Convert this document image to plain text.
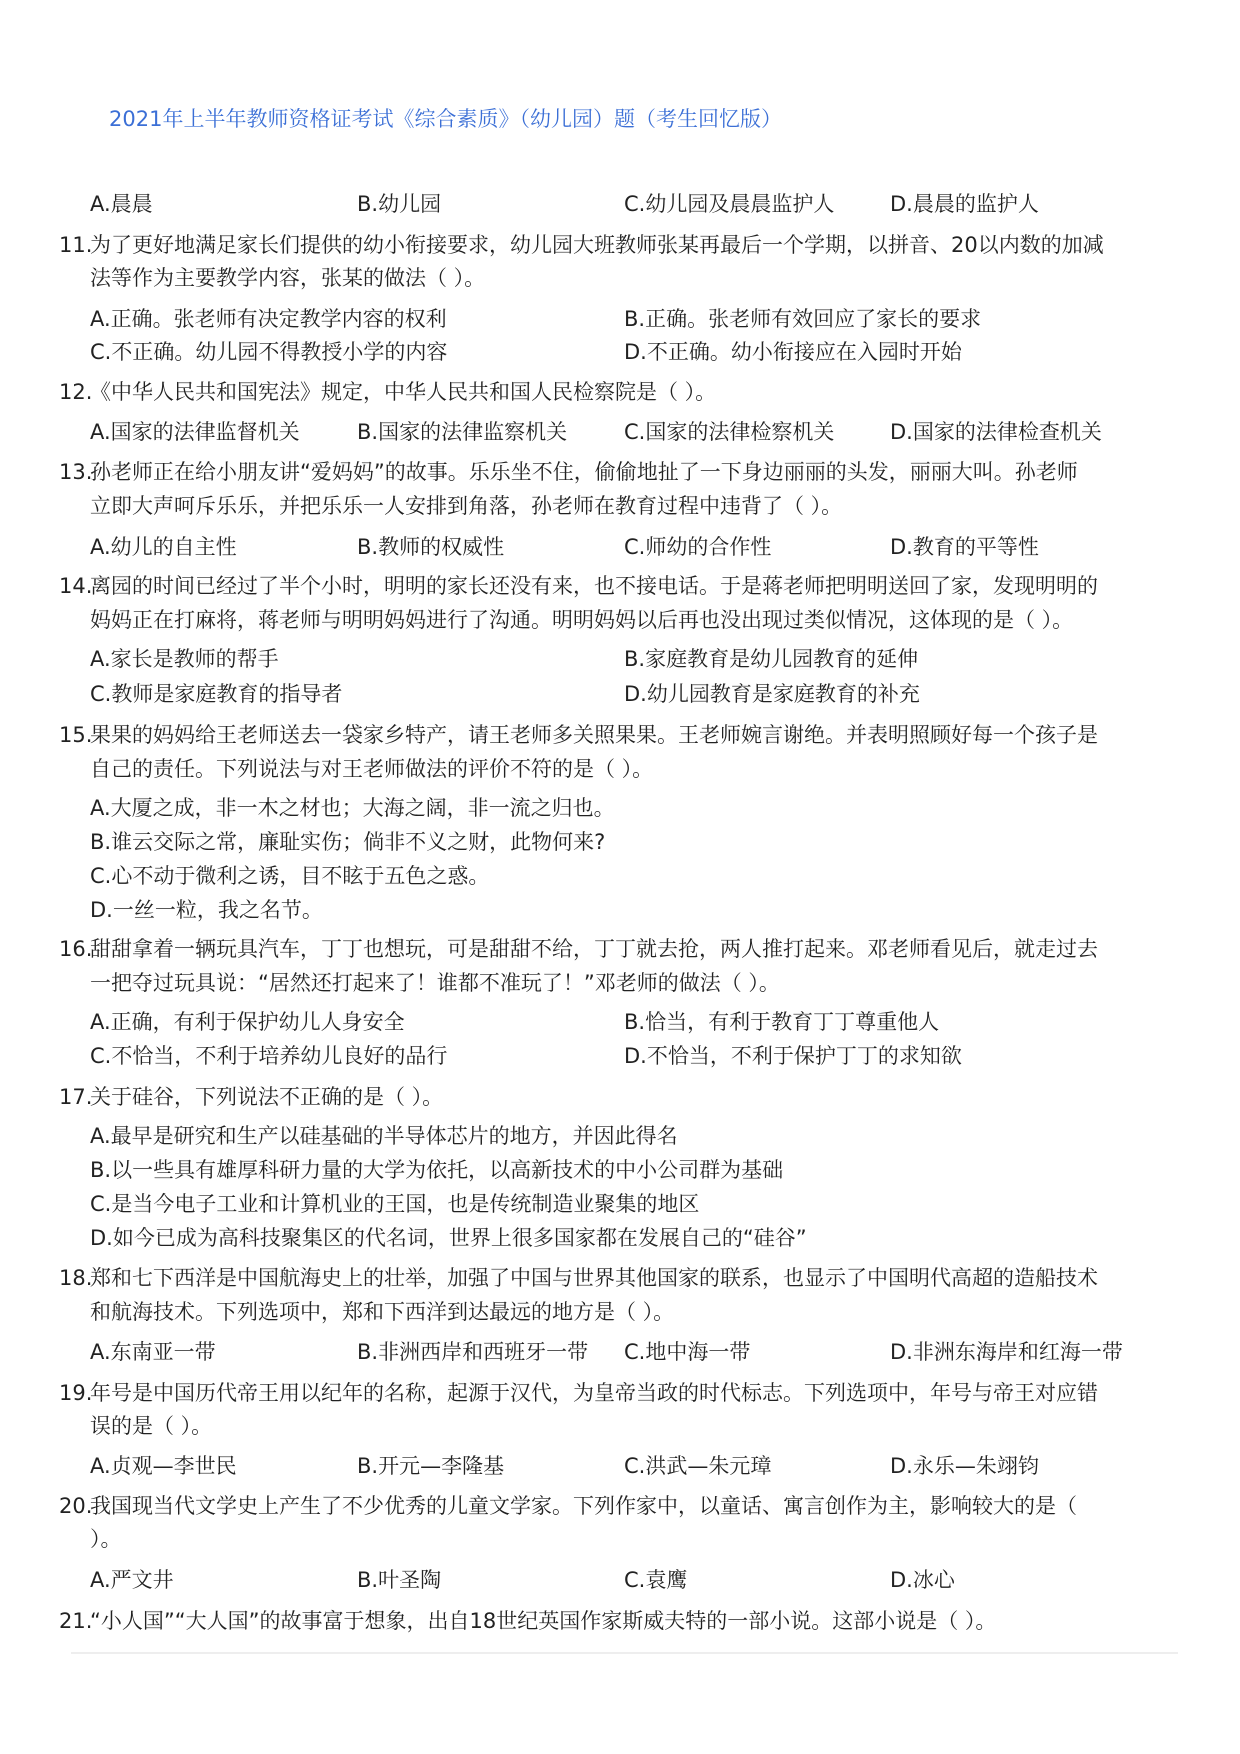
2021年上半年教师资格证考试《综合素质》（幼儿园）题（考生回忆版）
A.晨晨	B.幼儿园	C.幼儿园及晨晨监护人	D.晨晨的监护人
11.
为了更好地满足家长们提供的幼小衔接要求，幼儿园大班教师张某再最后一个学期，以拼音、20以内数的加减
法等作为主要教学内容，张某的做法（ ）。
A.正确。张老师有决定教学内容的权利	B.正确。张老师有效回应了家长的要求
C.不正确。幼儿园不得教授小学的内容	D.不正确。幼小衔接应在入园时开始
12.
《中华人民共和国宪法》规定，中华人民共和国人民检察院是（ ）。
A.国家的法律监督机关	B.国家的法律监察机关	C.国家的法律检察机关	D.国家的法律检查机关
13.
孙老师正在给小朋友讲“爱妈妈”的故事。乐乐坐不住，偷偷地扯了一下身边丽丽的头发，丽丽大叫。孙老师
立即大声呵斥乐乐，并把乐乐一人安排到角落，孙老师在教育过程中违背了（ ）。
A.幼儿的自主性	B.教师的权威性	C.师幼的合作性	D.教育的平等性
14.
离园的时间已经过了半个小时，明明的家长还没有来，也不接电话。于是蒋老师把明明送回了家，发现明明的
妈妈正在打麻将，蒋老师与明明妈妈进行了沟通。明明妈妈以后再也没出现过类似情况，这体现的是（ ）。
A.家长是教师的帮手	B.家庭教育是幼儿园教育的延伸
C.教师是家庭教育的指导者	D.幼儿园教育是家庭教育的补充
15.
果果的妈妈给王老师送去一袋家乡特产，请王老师多关照果果。王老师婉言谢绝。并表明照顾好每一个孩子是
自己的责任。下列说法与对王老师做法的评价不符的是（ ）。
A.大厦之成，非一木之材也；大海之阔，非一流之归也。
B.谁云交际之常，廉耻实伤；倘非不义之财，此物何来?
C.心不动于微利之诱，目不眩于五色之惑。
D.一丝一粒，我之名节。
16.
甜甜拿着一辆玩具汽车，丁丁也想玩，可是甜甜不给，丁丁就去抢，两人推打起来。邓老师看见后，就走过去
一把夺过玩具说：“居然还打起来了！谁都不准玩了！”邓老师的做法（ ）。
A.正确，有利于保护幼儿人身安全	B.恰当，有利于教育丁丁尊重他人
C.不恰当，不利于培养幼儿良好的品行	D.不恰当，不利于保护丁丁的求知欲
17.
关于硅谷，下列说法不正确的是（ ）。
A.最早是研究和生产以硅基础的半导体芯片的地方，并因此得名
B.以一些具有雄厚科研力量的大学为依托，以高新技术的中小公司群为基础
C.是当今电子工业和计算机业的王国，也是传统制造业聚集的地区
D.如今已成为高科技聚集区的代名词，世界上很多国家都在发展自己的“硅谷”
18.
郑和七下西洋是中国航海史上的壮举，加强了中国与世界其他国家的联系，也显示了中国明代高超的造船技术
和航海技术。下列选项中，郑和下西洋到达最远的地方是（ ）。
A.东南亚一带	B.非洲西岸和西班牙一带 C.地中海一带	D.非洲东海岸和红海一带
19.
年号是中国历代帝王用以纪年的名称，起源于汉代，为皇帝当政的时代标志。下列选项中，年号与帝王对应错
误的是（ ）。
A.贞观—李世民	B.开元—李隆基	C.洪武—朱元璋	D.永乐—朱翊钧
20.
我国现当代文学史上产生了不少优秀的儿童文学家。下列作家中，以童话、寓言创作为主，影响较大的是（
）。
A.严文井	B.叶圣陶	C.袁鹰	D.冰心
21.
“小人国”“大人国”的故事富于想象，出自18世纪英国作家斯威夫特的一部小说。这部小说是（ ）。
